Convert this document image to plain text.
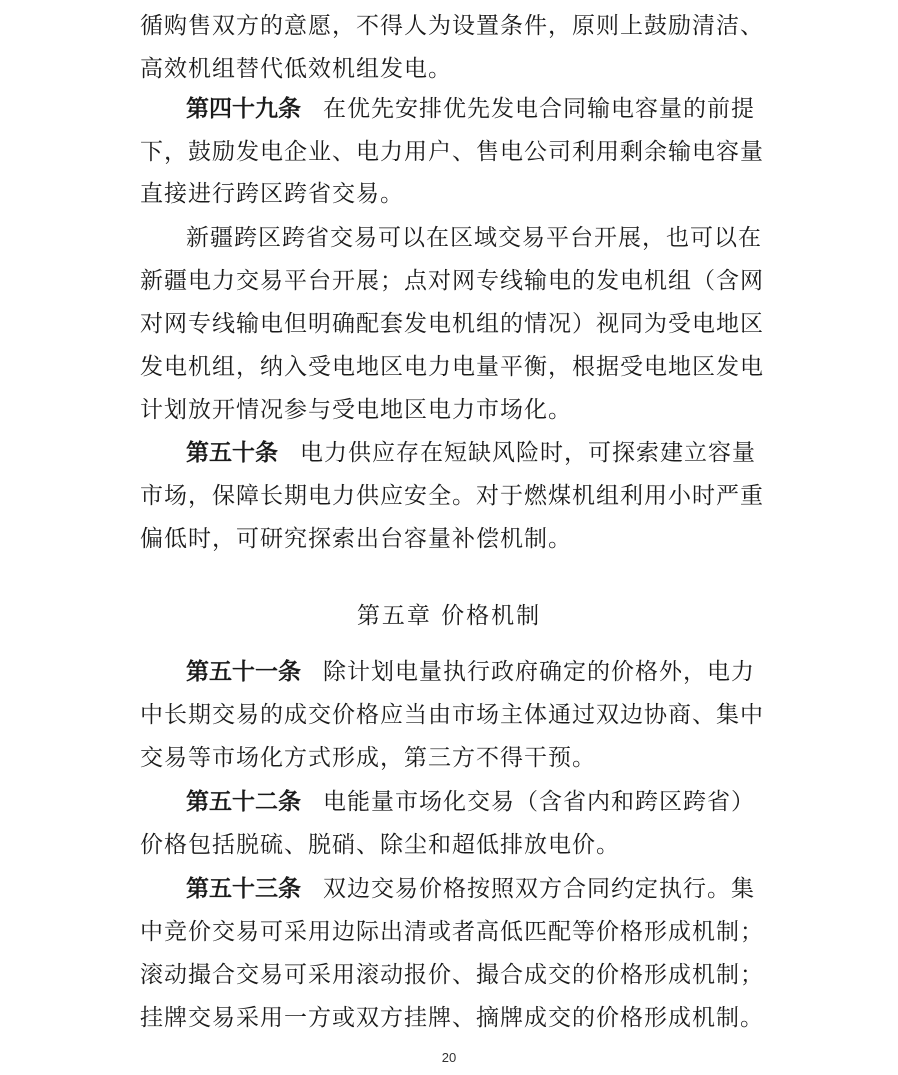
循购售双方的意愿，不得人为设置条件，原则上鼓励清洁、
高效机组替代低效机组发电。
第四十九条 在优先安排优先发电合同输电容量的前提
下，鼓励发电企业、电力用户、售电公司利用剩余输电容量
直接进行跨区跨省交易。
新疆跨区跨省交易可以在区域交易平台开展，也可以在
新疆电力交易平台开展；点对网专线输电的发电机组（含网
对网专线输电但明确配套发电机组的情况）视同为受电地区
发电机组，纳入受电地区电力电量平衡，根据受电地区发电
计划放开情况参与受电地区电力市场化。
第五十条 电力供应存在短缺风险时，可探索建立容量
市场，保障长期电力供应安全。对于燃煤机组利用小时严重
偏低时，可研究探索出台容量补偿机制。
第五十一条 除计划电量执行政府确定的价格外，电力
中长期交易的成交价格应当由市场主体通过双边协商、集中
交易等市场化方式形成，第三方不得干预。
第五十二条 电能量市场化交易（含省内和跨区跨省）
价格包括脱硫、脱硝、除尘和超低排放电价。
第五十三条 双边交易价格按照双方合同约定执行。集
中竞价交易可采用边际出清或者高低匹配等价格形成机制；
滚动撮合交易可采用滚动报价、撮合成交的价格形成机制；
挂牌交易采用一方或双方挂牌、摘牌成交的价格形成机制。
第五章 价格机制
20
